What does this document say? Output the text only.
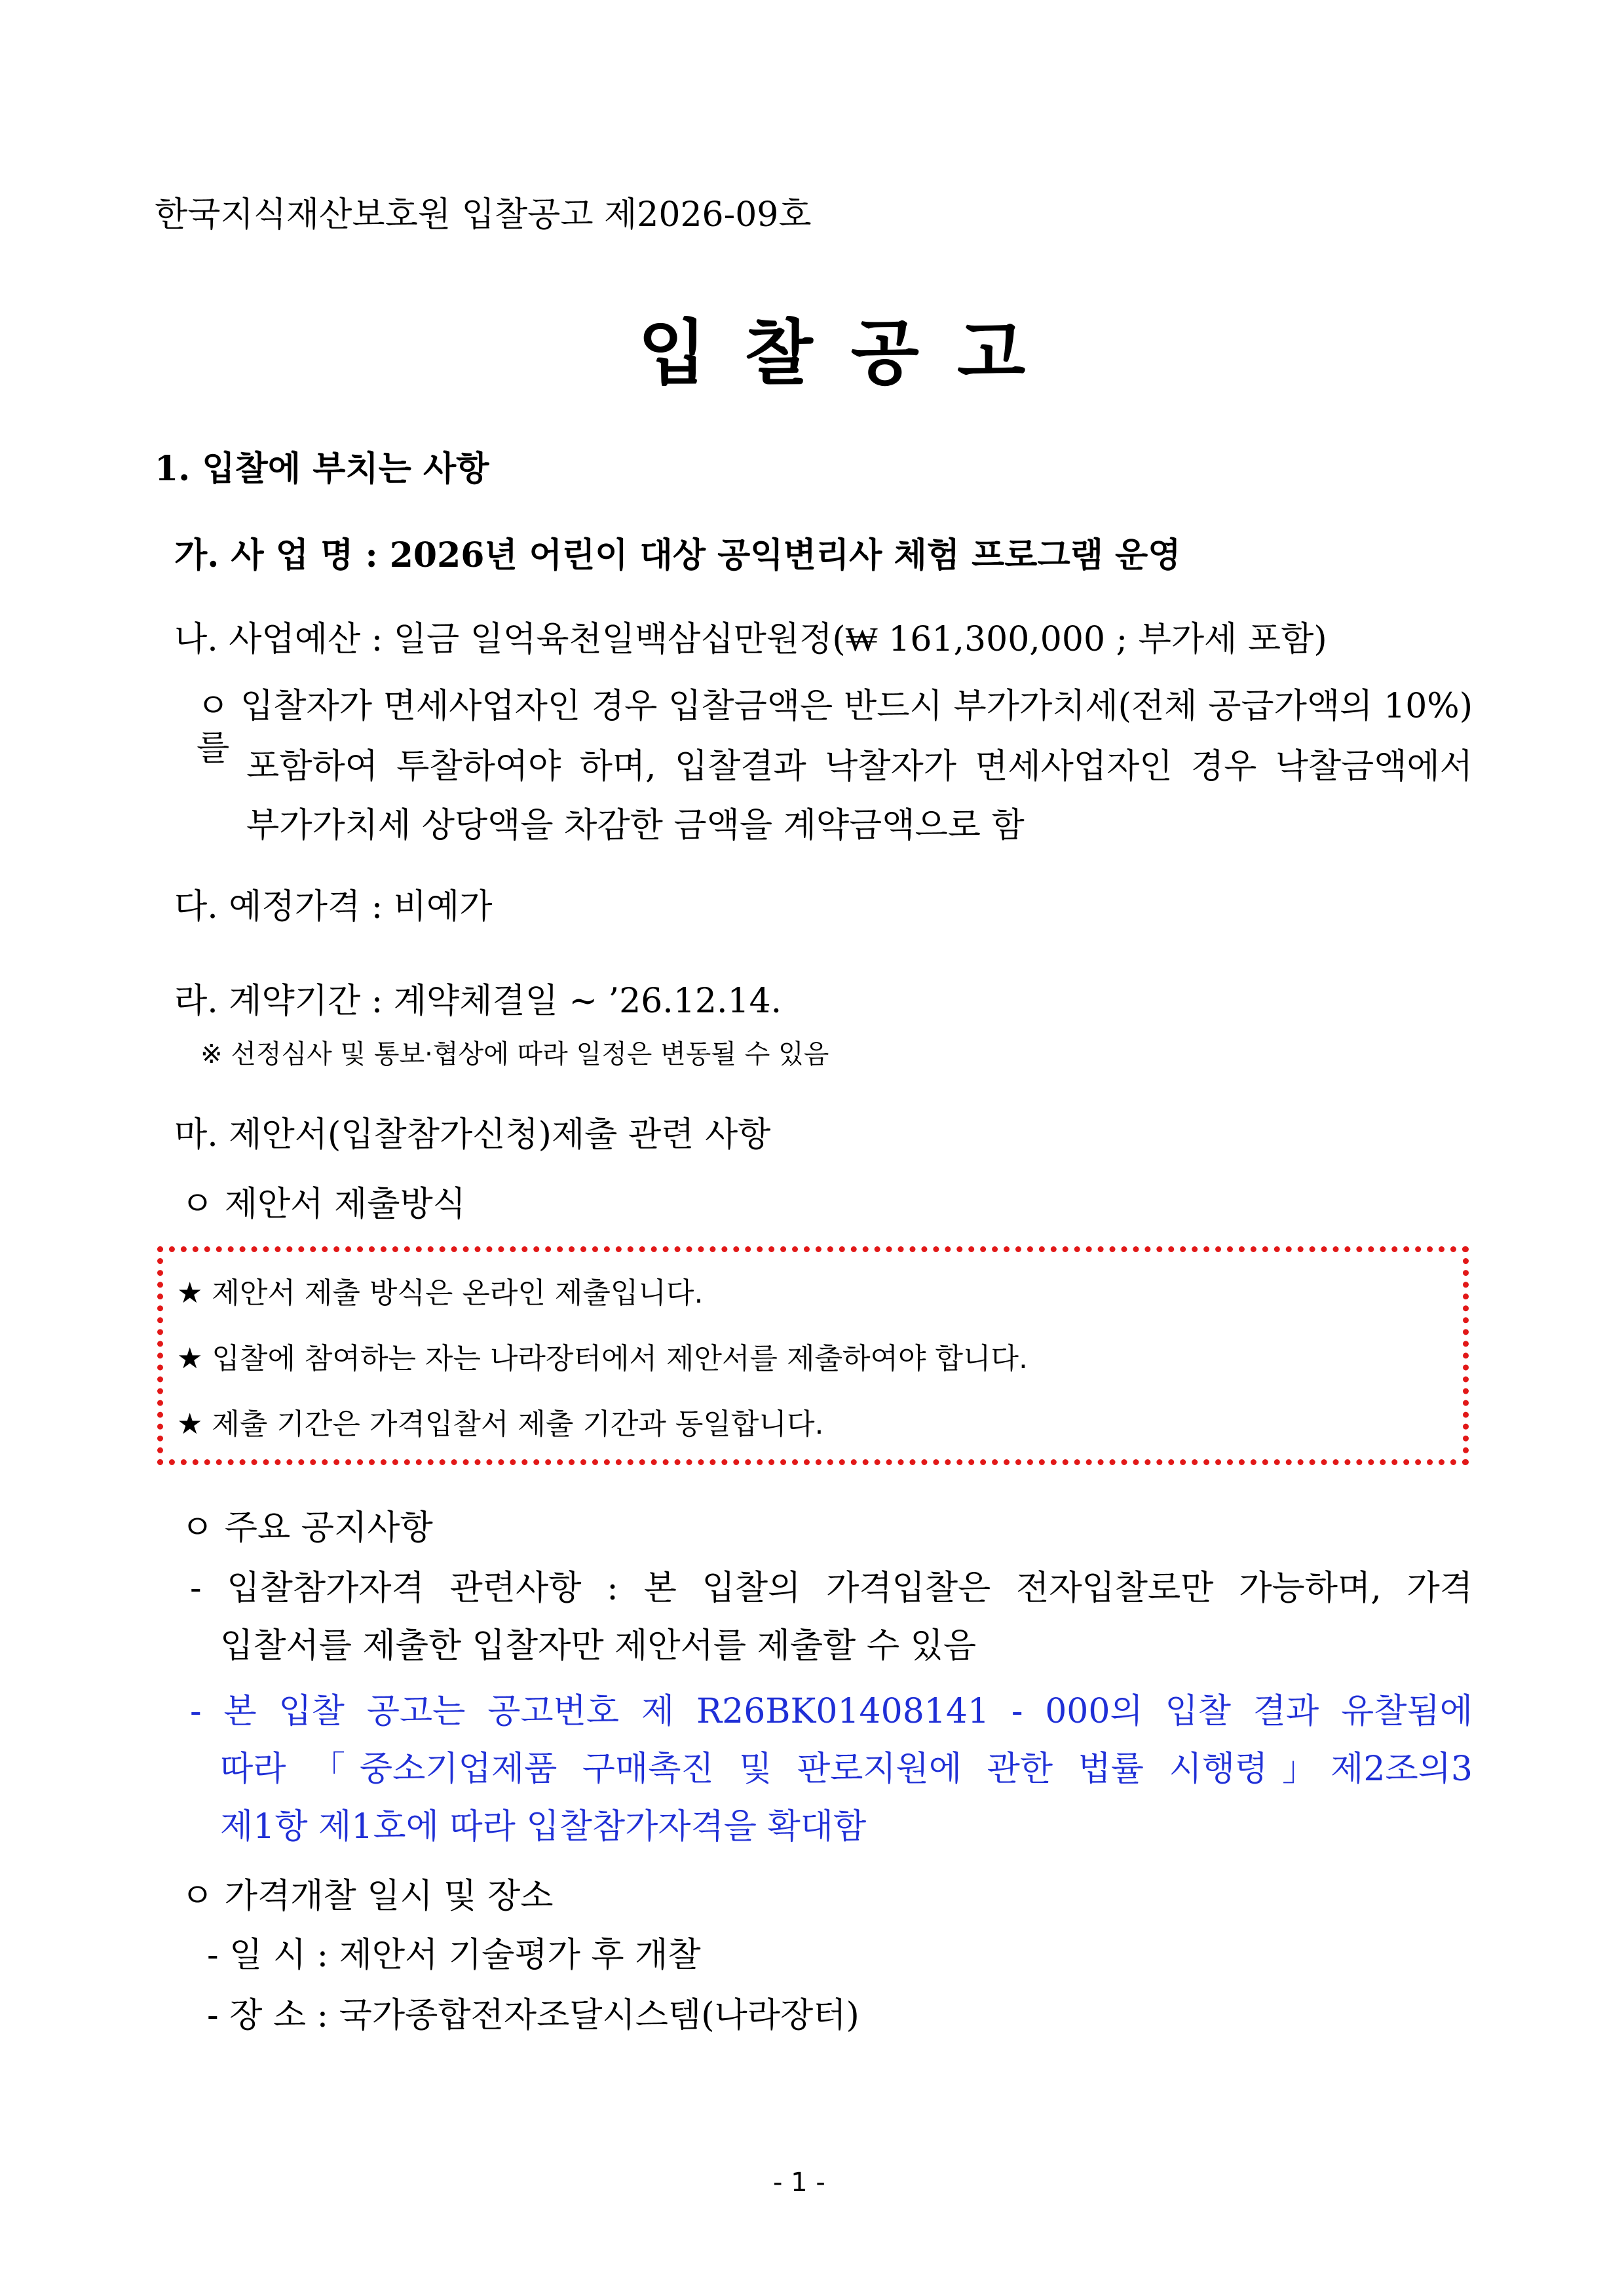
한국지식재산보호원 입찰공고 제2026-09호
입찰공고
1. 입찰에 부치는 사항
가. 사 업 명 : 2026년 어린이 대상 공익변리사 체험 프로그램 운영
나. 사업예산 : 일금 일억육천일백삼십만원정(₩ 161,300,000 ; 부가세 포함)
ㅇ 입찰자가 면세사업자인 경우 입찰금액은 반드시 부가가치세(전체 공급가액의 10%)를 포함하여 투찰하여야 하며, 입찰결과 낙찰자가 면세사업자인 경우 낙찰금액에서
부가가치세 상당액을 차감한 금액을 계약금액으로 함
다. 예정가격 : 비예가
라. 계약기간 : 계약체결일 ~ ’26.12.14.
※ 선정심사 및 통보·협상에 따라 일정은 변동될 수 있음
마. 제안서(입찰참가신청)제출 관련 사항
ㅇ 제안서 제출방식
★ 제안서 제출 방식은 온라인 제출입니다.
★ 입찰에 참여하는 자는 나라장터에서 제안서를 제출하여야 합니다.
★ 제출 기간은 가격입찰서 제출 기간과 동일합니다.
ㅇ 주요 공지사항
- 입찰참가자격 관련사항 : 본 입찰의 가격입찰은 전자입찰로만 가능하며, 가격
입찰서를 제출한 입찰자만 제안서를 제출할 수 있음
- 본 입찰 공고는 공고번호 제 R26BK01408141 - 000의 입찰 결과 유찰됨에
따라 「중소기업제품 구매촉진 및 판로지원에 관한 법률 시행령」제2조의3
제1항 제1호에 따라 입찰참가자격을 확대함
ㅇ 가격개찰 일시 및 장소
- 일 시 : 제안서 기술평가 후 개찰
- 장 소 : 국가종합전자조달시스템(나라장터)
- 1 -
